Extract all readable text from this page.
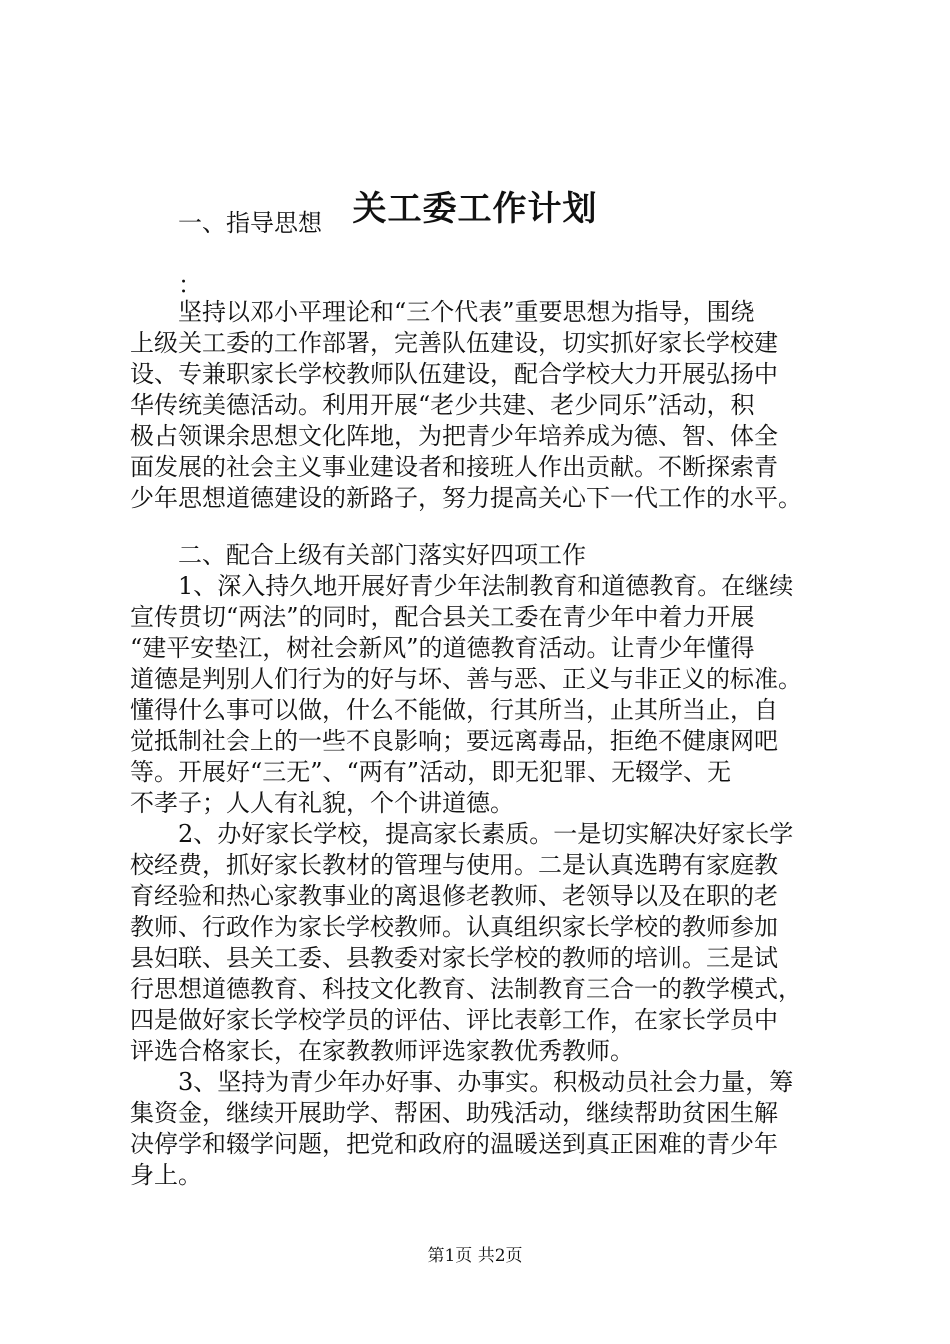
关工委工作计划
一、指导思想
：
坚持以邓小平理论和“三个代表”重要思想为指导，围绕
上级关工委的工作部署，完善队伍建设，切实抓好家长学校建
设、专兼职家长学校教师队伍建设，配合学校大力开展弘扬中
华传统美德活动。利用开展“老少共建、老少同乐”活动，积
极占领课余思想文化阵地，为把青少年培养成为德、智、体全
面发展的社会主义事业建设者和接班人作出贡献。不断探索青
少年思想道德建设的新路子，努力提高关心下一代工作的水平。
二、配合上级有关部门落实好四项工作
1、深入持久地开展好青少年法制教育和道德教育。在继续
宣传贯切“两法”的同时，配合县关工委在青少年中着力开展
“建平安垫江，树社会新风”的道德教育活动。让青少年懂得
道德是判别人们行为的好与坏、善与恶、正义与非正义的标准。
懂得什么事可以做，什么不能做，行其所当，止其所当止，自
觉抵制社会上的一些不良影响；要远离毒品，拒绝不健康网吧
等。开展好“三无”、“两有”活动，即无犯罪、无辍学、无
不孝子；人人有礼貌，个个讲道德。
2、办好家长学校，提高家长素质。一是切实解决好家长学
校经费，抓好家长教材的管理与使用。二是认真选聘有家庭教
育经验和热心家教事业的离退修老教师、老领导以及在职的老
教师、行政作为家长学校教师。认真组织家长学校的教师参加
县妇联、县关工委、县教委对家长学校的教师的培训。三是试
行思想道德教育、科技文化教育、法制教育三合一的教学模式，
四是做好家长学校学员的评估、评比表彰工作，在家长学员中
评选合格家长，在家教教师评选家教优秀教师。
3、坚持为青少年办好事、办事实。积极动员社会力量，筹
集资金，继续开展助学、帮困、助残活动，继续帮助贫困生解
决停学和辍学问题，把党和政府的温暖送到真正困难的青少年
身上。
第1页 共2页
